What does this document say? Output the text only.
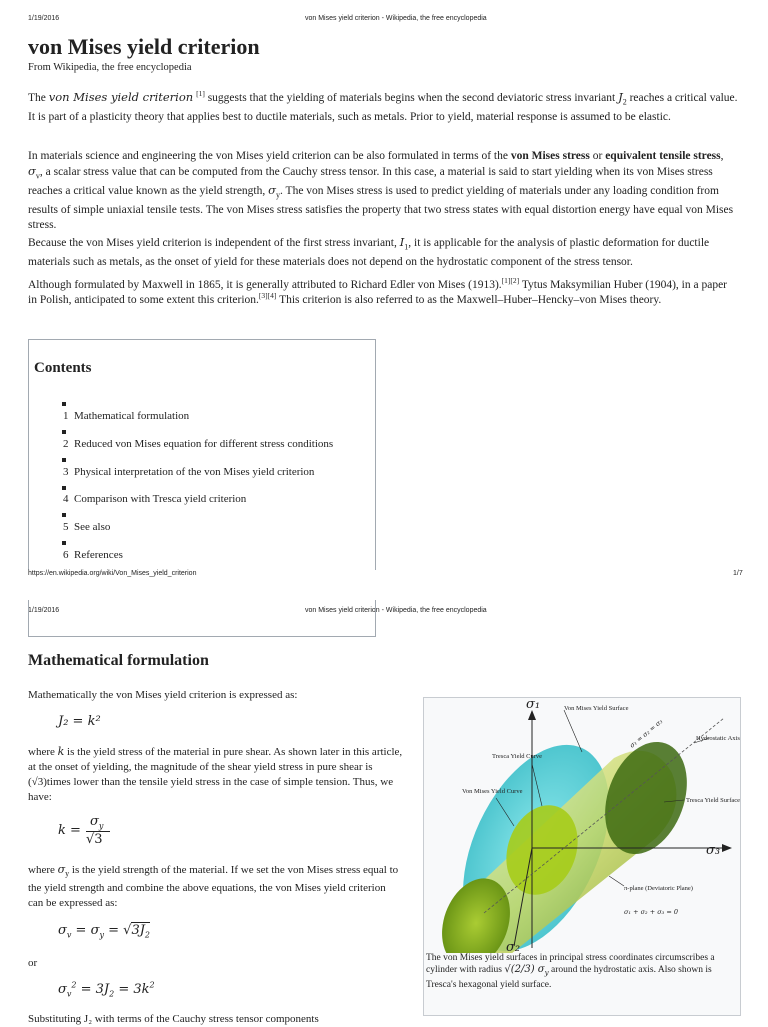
1/19/2016	von Mises yield criterion - Wikipedia, the free encyclopedia
von Mises yield criterion
From Wikipedia, the free encyclopedia
The von Mises yield criterion [1] suggests that the yielding of materials begins when the second deviatoric stress invariant $J_2$ reaches a critical value. It is part of a plasticity theory that applies best to ductile materials, such as metals. Prior to yield, material response is assumed to be elastic.
In materials science and engineering the von Mises yield criterion can be also formulated in terms of the von Mises stress or equivalent tensile stress, $\sigma_v$, a scalar stress value that can be computed from the Cauchy stress tensor. In this case, a material is said to start yielding when its von Mises stress reaches a critical value known as the yield strength, $\sigma_y$. The von Mises stress is used to predict yielding of materials under any loading condition from results of simple uniaxial tensile tests. The von Mises stress satisfies the property that two stress states with equal distortion energy have equal von Mises stress.
Because the von Mises yield criterion is independent of the first stress invariant, $I_1$, it is applicable for the analysis of plastic deformation for ductile materials such as metals, as the onset of yield for these materials does not depend on the hydrostatic component of the stress tensor.
Although formulated by Maxwell in 1865, it is generally attributed to Richard Edler von Mises (1913).[1][2] Tytus Maksymilian Huber (1904), in a paper in Polish, anticipated to some extent this criterion.[3][4] This criterion is also referred to as the Maxwell–Huber–Hencky–von Mises theory.
Contents
1 Mathematical formulation
2 Reduced von Mises equation for different stress conditions
3 Physical interpretation of the von Mises yield criterion
4 Comparison with Tresca yield criterion
5 See also
6 References
https://en.wikipedia.org/wiki/Von_Mises_yield_criterion	1/7
1/19/2016	von Mises yield criterion - Wikipedia, the free encyclopedia
Mathematical formulation
Mathematically the von Mises yield criterion is expressed as:
J₂ = k²
where k is the yield stress of the material in pure shear. As shown later in this article, at the onset of yielding, the magnitude of the shear yield stress in pure shear is (√3)times lower than the tensile yield stress in the case of simple tension. Thus, we have:
k =
$\sigma_y$
√3
where $\sigma_y$ is the yield strength of the material. If we set the von Mises stress equal to the yield strength and combine the above equations, the von Mises yield criterion can be expressed as:
$\sigma_v = \sigma_y = √3J_2$
or
$\sigma_v^2 = 3J_2 = 3k^2$
Substituting J₂ with terms of the Cauchy stress tensor components
σ₁
σ₂
σ₃
Von Mises Yield Surface
Tresca Yield Curve
Von Mises Yield Curve
Hydrostatic Axis
σ₁ = σ₂ = σ₃
Tresca Yield Surface
π-plane (Deviatoric Plane)
σ₁ + σ₂ + σ₃ = 0
The von Mises yield surfaces in principal stress coordinates circumscribes a cylinder with radius √(2/3) $\sigma_y$ around the hydrostatic axis. Also shown is Tresca's hexagonal yield surface.
